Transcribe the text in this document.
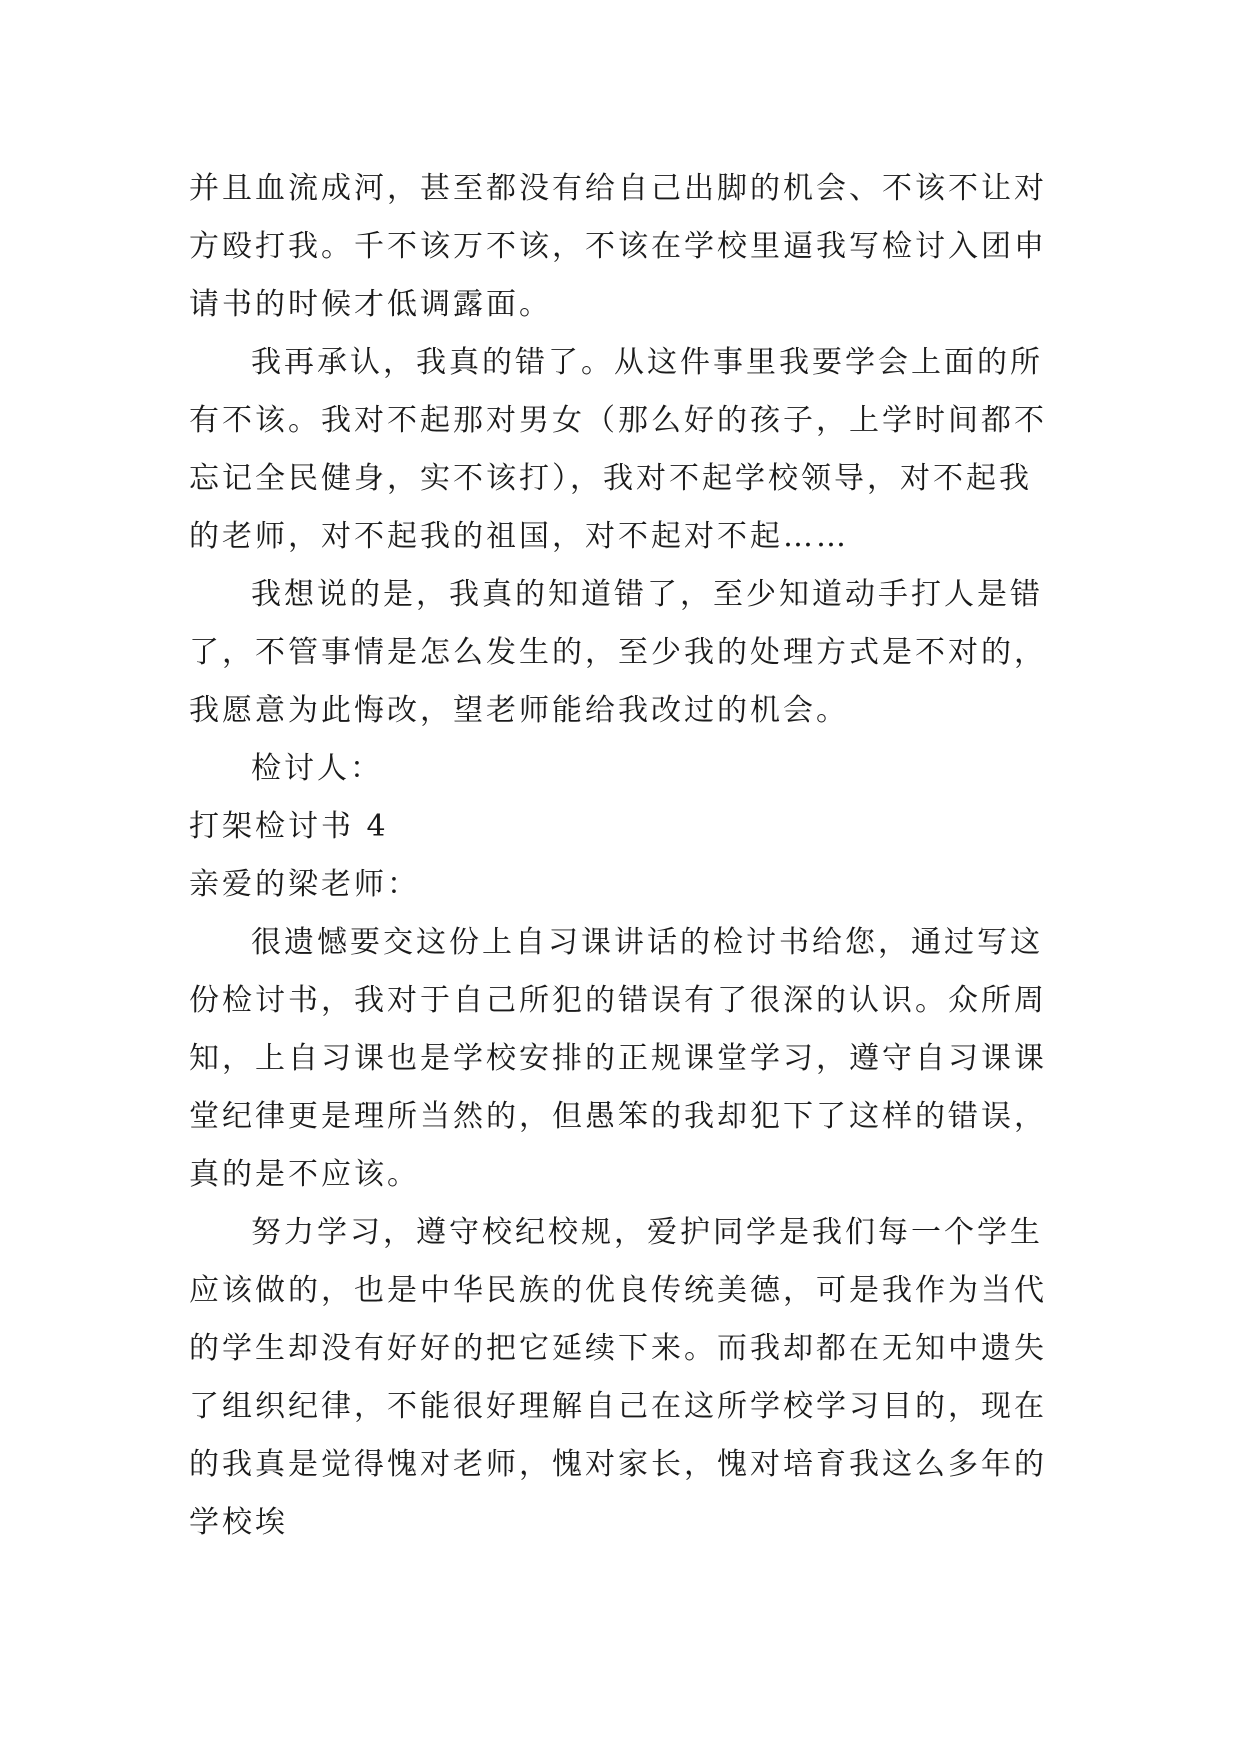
并且血流成河，甚至都没有给自己出脚的机会、不该不让对
方殴打我。千不该万不该，不该在学校里逼我写检讨入团申
请书的时候才低调露面。
我再承认，我真的错了。从这件事里我要学会上面的所
有不该。我对不起那对男女（那么好的孩子，上学时间都不
忘记全民健身，实不该打），我对不起学校领导，对不起我
的老师，对不起我的祖国，对不起对不起……
我想说的是，我真的知道错了，至少知道动手打人是错
了，不管事情是怎么发生的，至少我的处理方式是不对的，
我愿意为此悔改，望老师能给我改过的机会。
检讨人：
打架检讨书 4
亲爱的梁老师：
很遗憾要交这份上自习课讲话的检讨书给您，通过写这
份检讨书，我对于自己所犯的错误有了很深的认识。众所周
知，上自习课也是学校安排的正规课堂学习，遵守自习课课
堂纪律更是理所当然的，但愚笨的我却犯下了这样的错误，
真的是不应该。
努力学习，遵守校纪校规，爱护同学是我们每一个学生
应该做的，也是中华民族的优良传统美德，可是我作为当代
的学生却没有好好的把它延续下来。而我却都在无知中遗失
了组织纪律，不能很好理解自己在这所学校学习目的，现在
的我真是觉得愧对老师，愧对家长，愧对培育我这么多年的
学校埃
